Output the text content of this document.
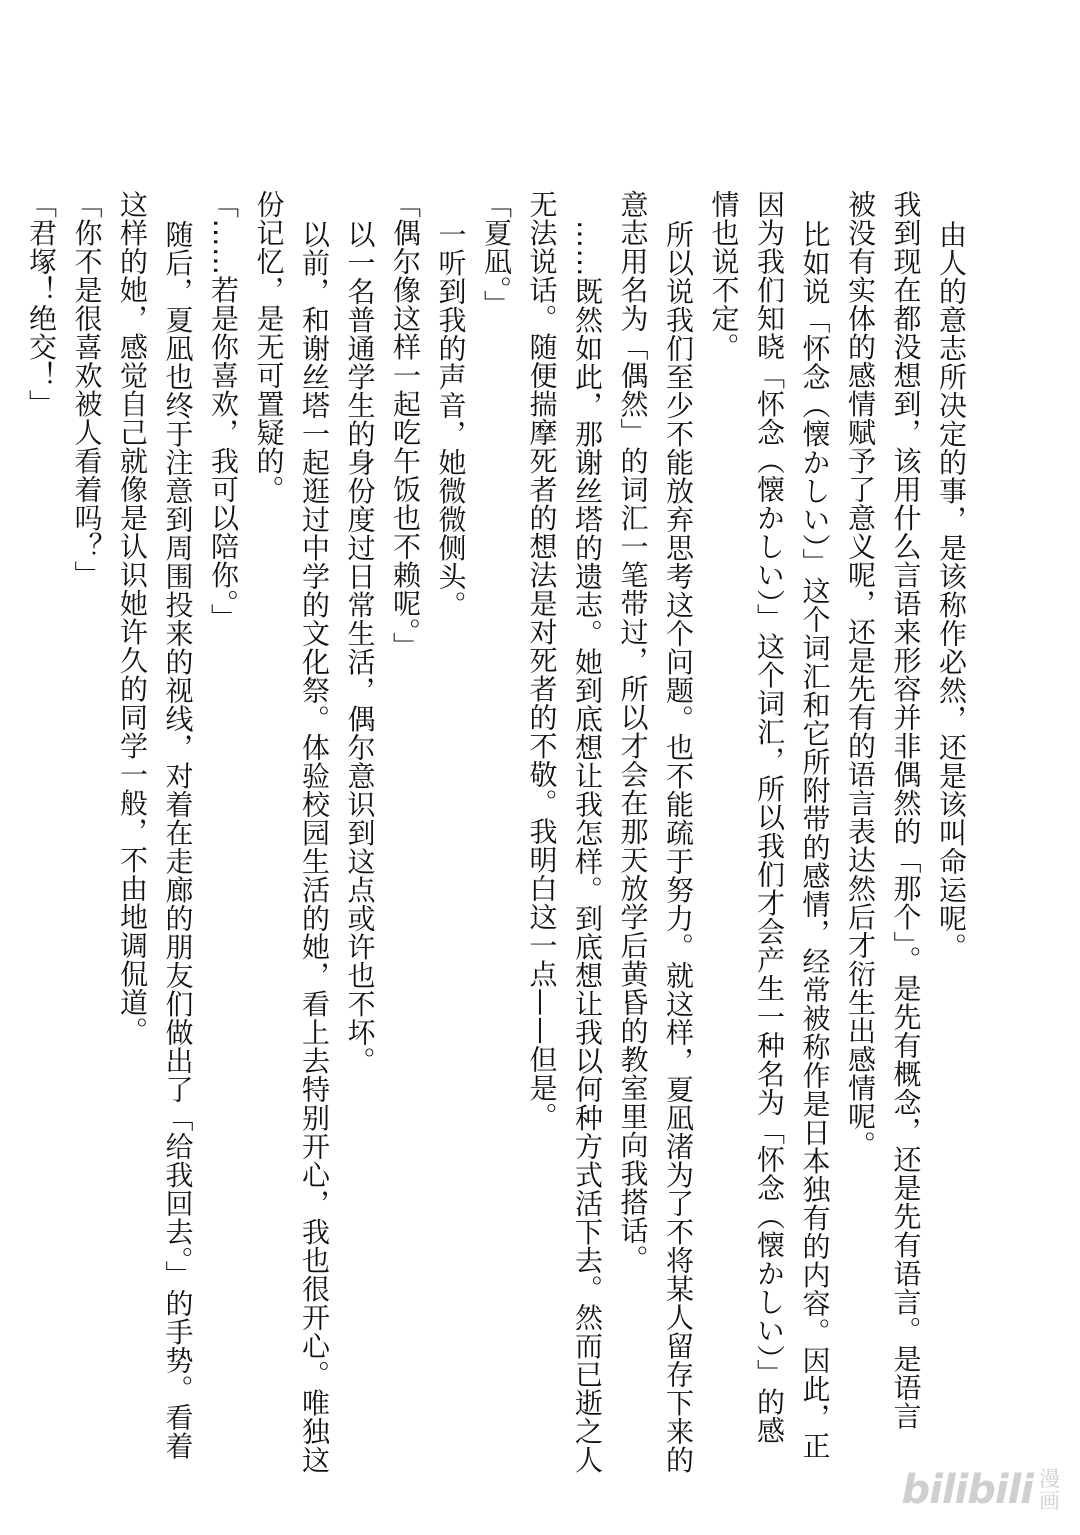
由人的意志所决定的事，是该称作必然，还是该叫命运呢。

我到现在都没想到，该用什么言语来形容并非偶然的「那个」。是先有概念，还是先有语言。是语言

被没有实体的感情赋予了意义呢，还是先有的语言表达然后才衍生出感情呢。

比如说「怀念（懐かしい）」这个词汇和它所附带的感情，经常被称作是日本独有的内容。因此，正

因为我们知晓「怀念（懐かしい）」这个词汇，所以我们才会产生一种名为「怀念（懐かしい）」的感

情也说不定。

所以说我们至少不能放弃思考这个问题。也不能疏于努力。就这样，夏凪渚为了不将某人留存下来的

意志用名为「偶然」的词汇一笔带过，所以才会在那天放学后黄昏的教室里向我搭话。

……既然如此，那谢丝塔的遗志。她到底想让我怎样。到底想让我以何种方式活下去。然而已逝之人

无法说话。随便揣摩死者的想法是对死者的不敬。我明白这一点——但是。

「夏凪。」

一听到我的声音，她微微侧头。

「偶尔像这样一起吃午饭也不赖呢。」

以一名普通学生的身份度过日常生活，偶尔意识到这点或许也不坏。

以前，和谢丝塔一起逛过中学的文化祭。体验校园生活的她，看上去特别开心，我也很开心。唯独这

份记忆，是无可置疑的。

「……若是你喜欢，我可以陪你。」

随后，夏凪也终于注意到周围投来的视线，对着在走廊的朋友们做出了「给我回去。」的手势。看着

这样的她，感觉自己就像是认识她许久的同学一般，不由地调侃道。

「你不是很喜欢被人看着吗？」

「君塚！绝交！」

bilibili 漫
画
